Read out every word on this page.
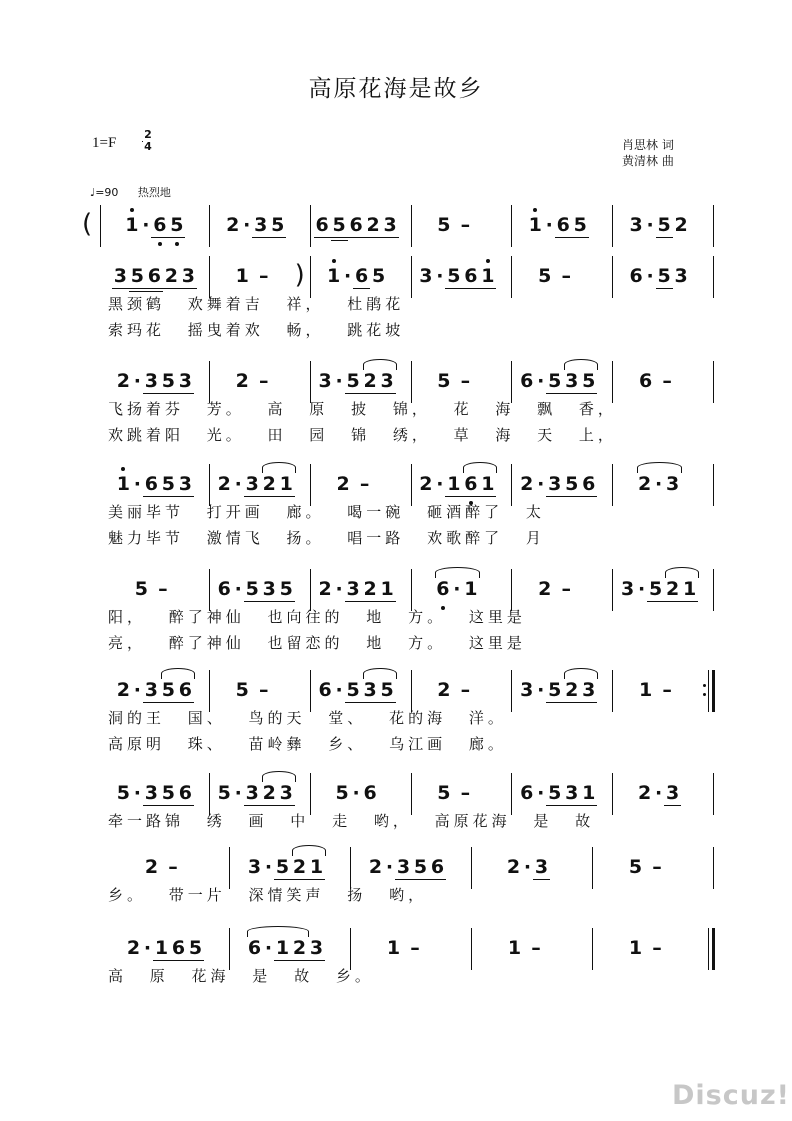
高原花海是故乡
1=F
2
4	肖思林 词
黄清林 曲
♩=90 热烈地
( 1 · 6 5 2 · 3 5 6 5 6 2 3 5 –	1 · 6 5 3 · 5 2
3 5 6 2 3 1 –	) 1 · 6 5 3 · 5 6 1 5 –	6 · 5 3
黑颈鹤 欢舞着吉 祥， 杜鹃花
索玛花 摇曳着欢 畅， 跳花坡
2 · 3 5 3 2 –	3 · 5 2 3 5 –	6 · 5 3 5 6 –
飞扬着芬 芳。 高 原 披 锦， 花 海 飘 香，
欢跳着阳 光。 田 园 锦 绣， 草 海 天 上，
1 · 6 5 3 2 · 3 2 1 2 –	2 · 1 6 1 2 · 3 5 6 2 · 3
美丽毕节 打开画 廊。 喝一碗 砸酒醉了 太
魅力毕节 激情飞 扬。 唱一路 欢歌醉了 月
5 –	6 · 5 3 5 2 · 3 2 1 6 · 1	2 –	3 · 5 2 1
阳， 醉了神仙 也向往的 地 方。 这里是
亮， 醉了神仙 也留恋的 地 方。 这里是
2 · 3 5 6 5 –	6 · 5 3 5 2 –	3 · 5 2 3 1 –
洞的王 国、 鸟的天 堂、 花的海 洋。
高原明 珠、 苗岭彝 乡、 乌江画 廊。
5 · 3 5 6 5 · 3 2 3 5 · 6	5 –	6 · 5 3 1 2 · 3
牵一路锦 绣 画 中 走 哟， 高原花海 是 故
2 –	3 · 5 2 1 2 · 3 5 6	2 · 3	5 –
乡。 带一片 深情笑声 扬 哟，
2 · 1 6 5 6 · 1 2 3	1 –	1 –	1 –
高 原 花海 是 故 乡。
Discuz!
